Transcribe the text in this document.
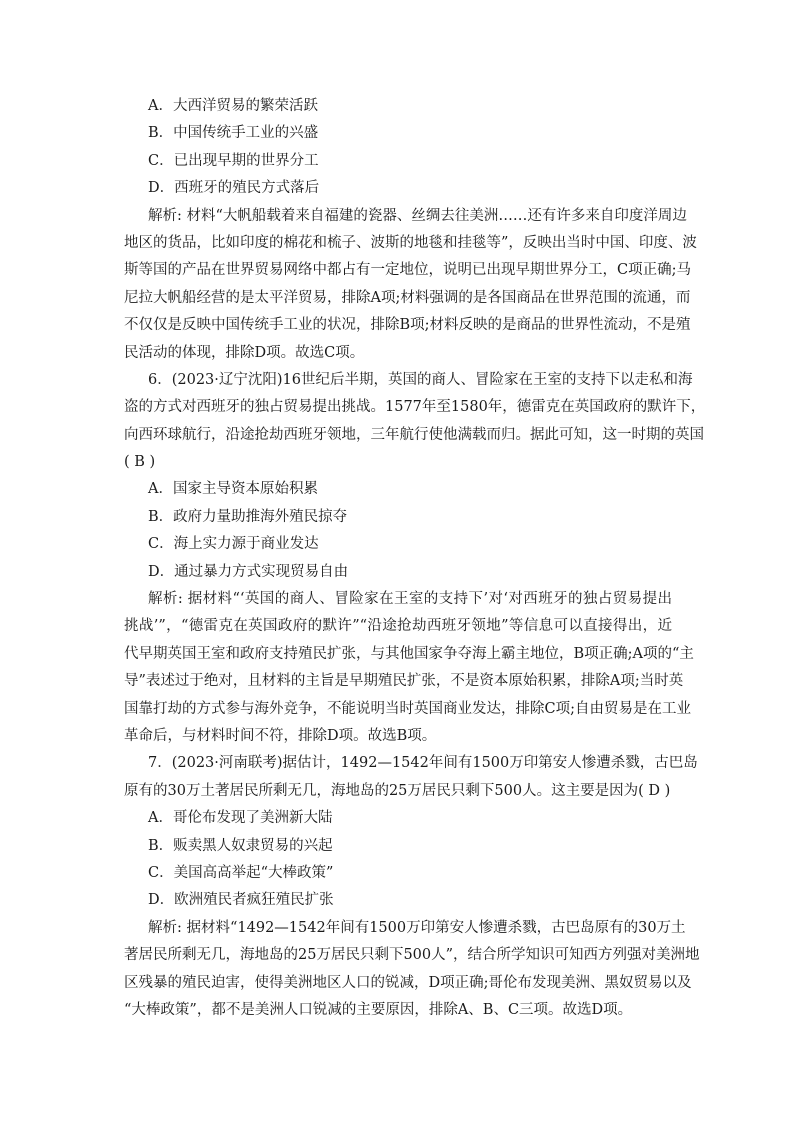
A．大西洋贸易的繁荣活跃
B．中国传统手工业的兴盛
C．已出现早期的世界分工
D．西班牙的殖民方式落后
解析: 材料“大帆船载着来自福建的瓷器、丝绸去往美洲……还有许多来自印度洋周边
地区的货品，比如印度的棉花和梳子、波斯的地毯和挂毯等”，反映出当时中国、印度、波
斯等国的产品在世界贸易网络中都占有一定地位，说明已出现早期世界分工，C项正确;马
尼拉大帆船经营的是太平洋贸易，排除A项;材料强调的是各国商品在世界范围的流通，而
不仅仅是反映中国传统手工业的状况，排除B项;材料反映的是商品的世界性流动，不是殖
民活动的体现，排除D项。故选C项。
6．(2023·辽宁沈阳)16世纪后半期，英国的商人、冒险家在王室的支持下以走私和海
盗的方式对西班牙的独占贸易提出挑战。1577年至1580年，德雷克在英国政府的默许下，
向西环球航行，沿途抢劫西班牙领地，三年航行使他满载而归。据此可知，这一时期的英国
( B )
A．国家主导资本原始积累
B．政府力量助推海外殖民掠夺
C．海上实力源于商业发达
D．通过暴力方式实现贸易自由
解析: 据材料“‘英国的商人、冒险家在王室的支持下’对‘对西班牙的独占贸易提出
挑战’”，“德雷克在英国政府的默许”“沿途抢劫西班牙领地”等信息可以直接得出，近
代早期英国王室和政府支持殖民扩张，与其他国家争夺海上霸主地位，B项正确;A项的“主
导”表述过于绝对，且材料的主旨是早期殖民扩张，不是资本原始积累，排除A项;当时英
国靠打劫的方式参与海外竞争，不能说明当时英国商业发达，排除C项;自由贸易是在工业
革命后，与材料时间不符，排除D项。故选B项。
7．(2023·河南联考)据估计，1492—1542年间有1500万印第安人惨遭杀戮，古巴岛
原有的30万土著居民所剩无几，海地岛的25万居民只剩下500人。这主要是因为( D )
A．哥伦布发现了美洲新大陆
B．贩卖黑人奴隶贸易的兴起
C．美国高高举起“大棒政策”
D．欧洲殖民者疯狂殖民扩张
解析: 据材料“1492—1542年间有1500万印第安人惨遭杀戮，古巴岛原有的30万土
著居民所剩无几，海地岛的25万居民只剩下500人”，结合所学知识可知西方列强对美洲地
区残暴的殖民迫害，使得美洲地区人口的锐减，D项正确;哥伦布发现美洲、黑奴贸易以及
“大棒政策”，都不是美洲人口锐减的主要原因，排除A、B、C三项。故选D项。
